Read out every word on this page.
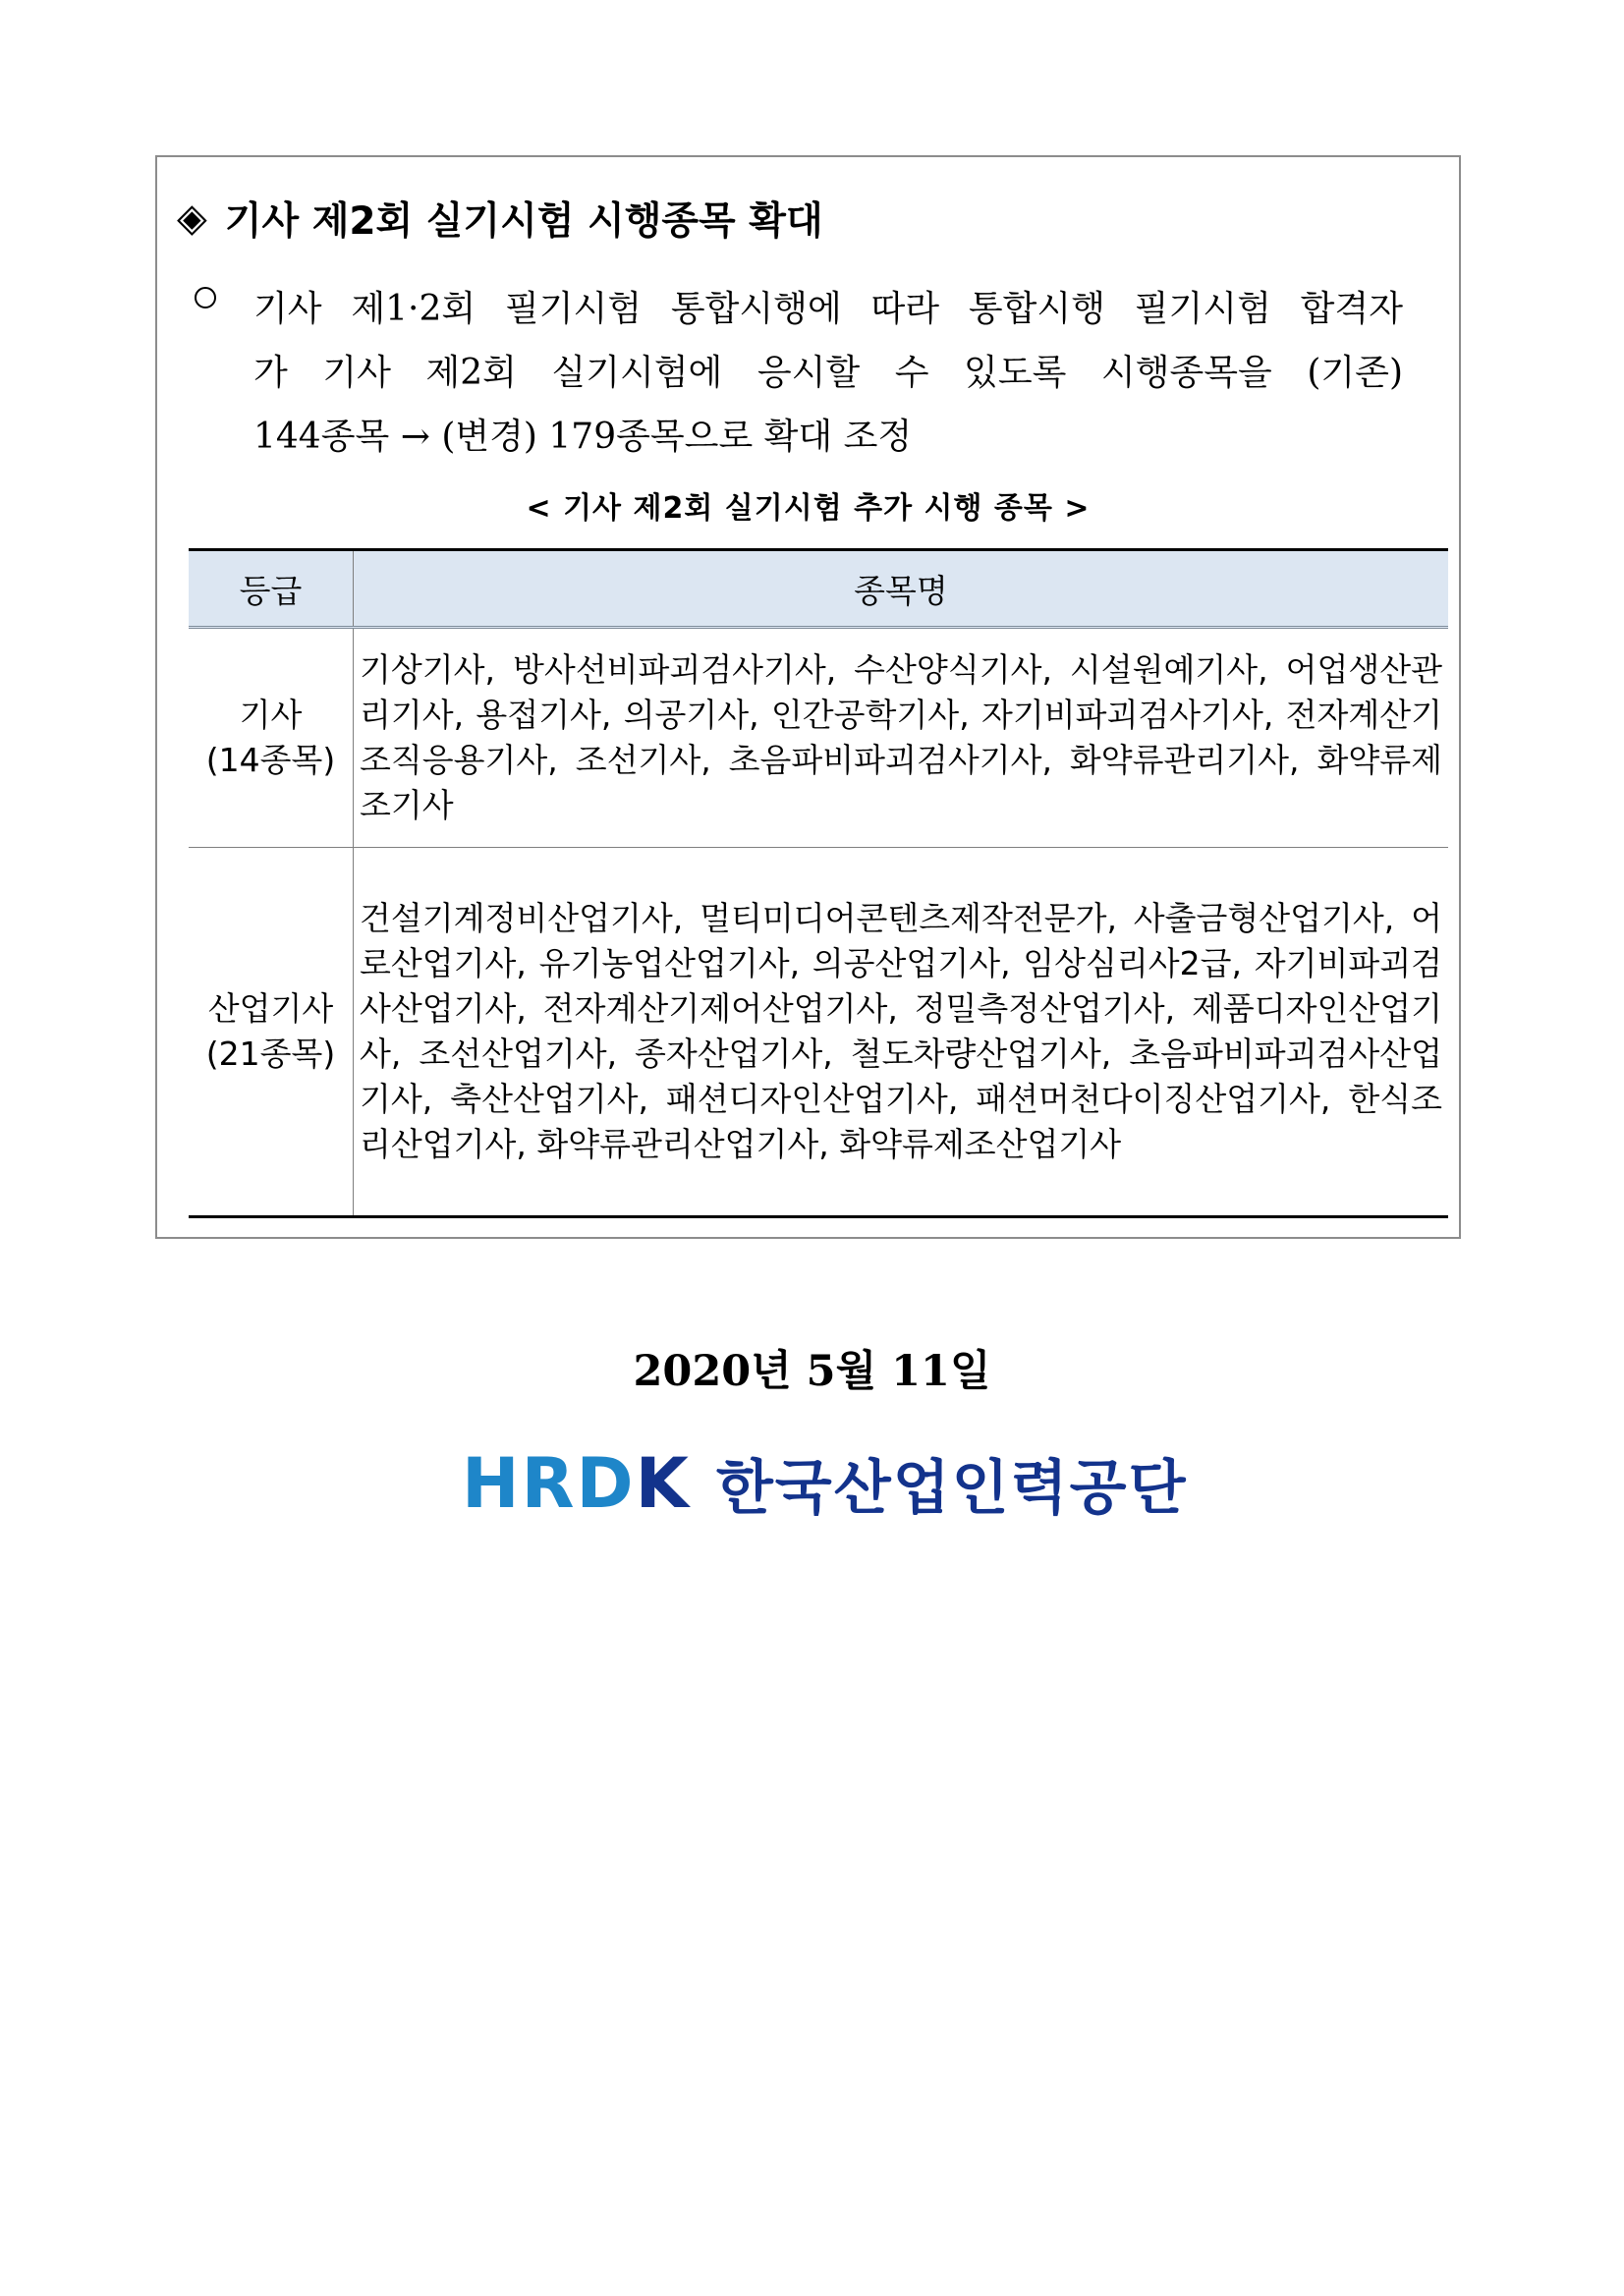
◈ 기사 제2회 실기시험 시행종목 확대
기사 제1·2회 필기시험 통합시행에 따라 통합시행 필기시험 합격자
가 기사 제2회 실기시험에 응시할 수 있도록 시행종목을 (기존)
144종목 → (변경) 179종목으로 확대 조정
< 기사 제2회 실기시험 추가 시행 종목 >
등급	종목명

기사
(14종목)	기상기사, 방사선비파괴검사기사, 수산양식기사, 시설원예기사, 어업생산관리기사, 용접기사, 의공기사, 인간공학기사, 자기비파괴검사기사, 전자계산기조직응용기사, 조선기사, 초음파비파괴검사기사, 화약류관리기사, 화약류제조기사

산업기사
(21종목)	건설기계정비산업기사, 멀티미디어콘텐츠제작전문가, 사출금형산업기사, 어로산업기사, 유기농업산업기사, 의공산업기사, 임상심리사2급, 자기비파괴검사산업기사, 전자계산기제어산업기사, 정밀측정산업기사, 제품디자인산업기사, 조선산업기사, 종자산업기사, 철도차량산업기사, 초음파비파괴검사산업기사, 축산산업기사, 패션디자인산업기사, 패션머천다이징산업기사, 한식조리산업기사, 화약류관리산업기사, 화약류제조산업기사
2020년 5월 11일
HRDK 한국산업인력공단
